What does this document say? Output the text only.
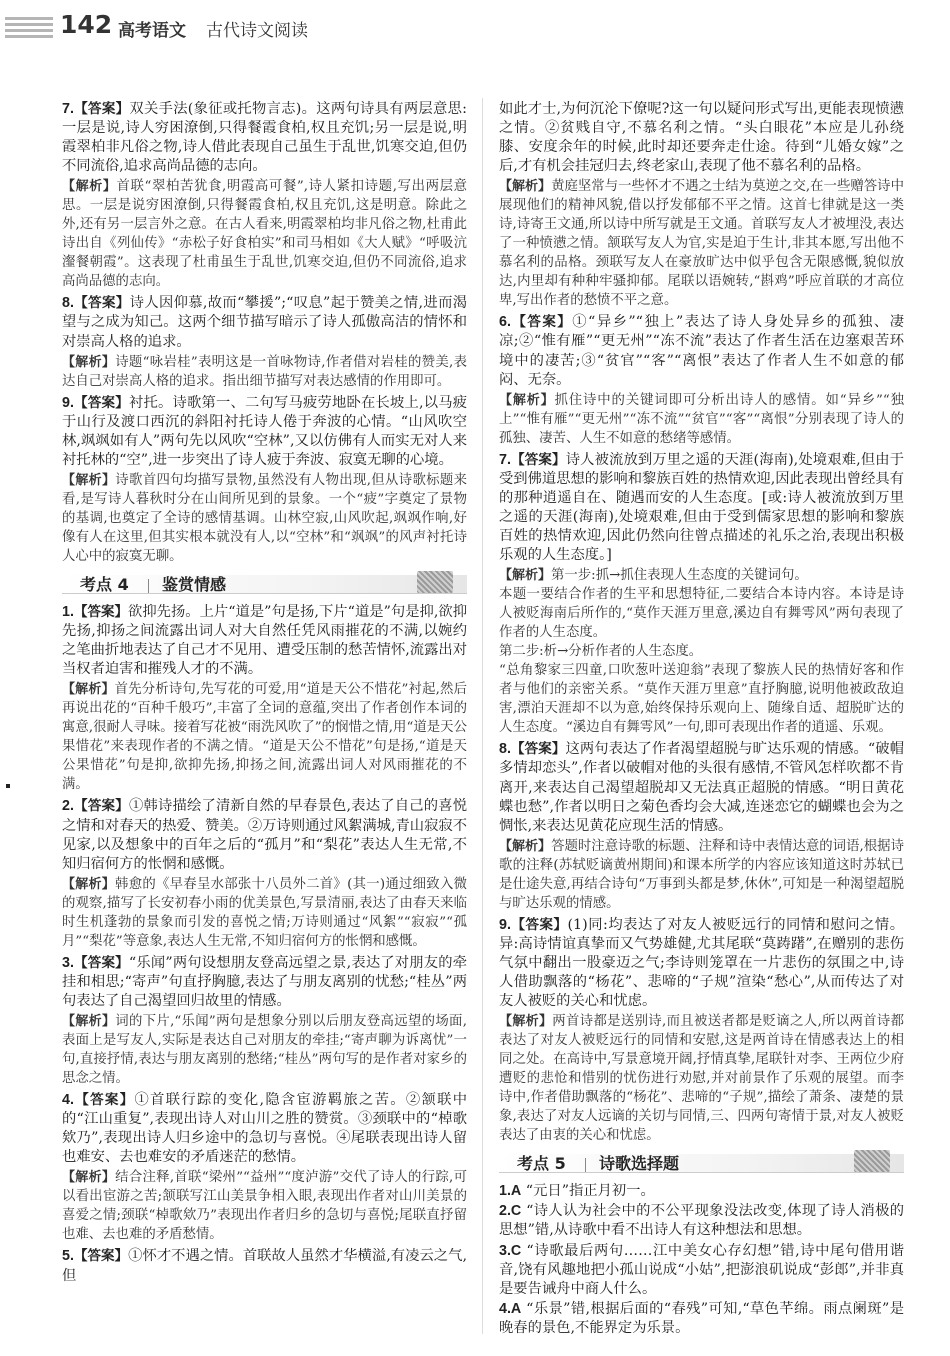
142 高考语文 古代诗文阅读

7.【答案】双关手法(象征或托物言志)。这两句诗具有两层意思:一层是说,诗人穷困潦倒,只得餐霞食柏,权且充饥;另一层是说,明霞翠柏非凡俗之物,诗人借此表现自己虽生于乱世,饥寒交迫,但仍不同流俗,追求高尚品德的志向。

【解析】首联“翠柏苦犹食,明霞高可餐”,诗人紧扣诗题,写出两层意思。一层是说穷困潦倒,只得餐霞食柏,权且充饥,这是明意。除此之外,还有另一层言外之意。在古人看来,明霞翠柏均非凡俗之物,杜甫此诗出自《列仙传》“赤松子好食柏实”和司马相如《大人赋》“呼吸沆瀣餐朝霞”。这表现了杜甫虽生于乱世,饥寒交迫,但仍不同流俗,追求高尚品德的志向。

8.【答案】诗人因仰慕,故而“攀援”;“叹息”起于赞美之情,进而渴望与之成为知己。这两个细节描写暗示了诗人孤傲高洁的情怀和对崇高人格的追求。

【解析】诗题“咏岩桂”表明这是一首咏物诗,作者借对岩桂的赞美,表达自己对崇高人格的追求。指出细节描写对表达感情的作用即可。

9.【答案】衬托。诗歌第一、二句写马疲劳地卧在长坡上,以马疲于山行及渡口西沉的斜阳衬托诗人倦于奔波的心情。“山风吹空林,飒飒如有人”两句先以风吹“空林”,又以仿佛有人而实无对人来衬托林的“空”,进一步突出了诗人疲于奔波、寂寞无聊的心境。

【解析】诗歌首四句均描写景物,虽然没有人物出现,但从诗歌标题来看,是写诗人暮秋时分在山间所见到的景象。一个“疲”字奠定了景物的基调,也奠定了全诗的感情基调。山林空寂,山风吹起,飒飒作响,好像有人在这里,但其实根本就没有人,以“空林”和“飒飒”的风声衬托诗人心中的寂寞无聊。

考点 4 鉴赏情感

1.【答案】欲抑先扬。上片“道是”句是扬,下片“道是”句是抑,欲抑先扬,抑扬之间流露出词人对大自然任凭风雨摧花的不满,以婉约之笔曲折地表达了自己才不见用、遭受压制的愁苦情怀,流露出对当权者迫害和摧残人才的不满。

【解析】首先分析诗句,先写花的可爱,用“道是天公不惜花”衬起,然后再说出花的“百种千般巧”,丰富了全词的意蕴,突出了作者创作本词的寓意,很耐人寻味。接着写花被“雨洗风吹了”的悯惜之情,用“道是天公果惜花”来表现作者的不满之情。“道是天公不惜花”句是扬,“道是天公果惜花”句是抑,欲抑先扬,抑扬之间,流露出词人对风雨摧花的不满。

2.【答案】①韩诗描绘了清新自然的早春景色,表达了自己的喜悦之情和对春天的热爱、赞美。②万诗则通过风絮满城,青山寂寂不见家,以及想象中的百年之后的“孤月”和“梨花”表达人生无常,不知归宿何方的怅惘和感慨。

【解析】韩愈的《早春呈水部张十八员外二首》(其一)通过细致入微的观察,描写了长安初春小雨的优美景色,写景清丽,表达了由春天来临时生机蓬勃的景象而引发的喜悦之情;万诗则通过“风絮”“寂寂”“孤月”“梨花”等意象,表达人生无常,不知归宿何方的怅惘和感慨。

3.【答案】“乐闻”两句设想朋友登高远望之景,表达了对朋友的牵挂和相思;“寄声”句直抒胸臆,表达了与朋友离别的忧愁;“桂丛”两句表达了自己渴望回归故里的情感。

【解析】词的下片,“乐闻”两句是想象分别以后朋友登高远望的场面,表面上是写友人,实际是表达自己对朋友的牵挂;“寄声聊为诉离忧”一句,直接抒情,表达与朋友离别的愁绪;“桂丛”两句写的是作者对家乡的思念之情。

4.【答案】①首联行踪的变化,隐含宦游羁旅之苦。②颔联中的“江山重复”,表现出诗人对山川之胜的赞赏。③颈联中的“棹歌欸乃”,表现出诗人归乡途中的急切与喜悦。④尾联表现出诗人留也难安、去也难安的矛盾迷茫的愁情。

【解析】结合注释,首联“梁州”“益州”“度泸游”交代了诗人的行踪,可以看出宦游之苦;颔联写江山美景争相入眼,表现出作者对山川美景的喜爱之情;颈联“棹歌欸乃”表现出作者归乡的急切与喜悦;尾联直抒留也难、去也难的矛盾愁情。

5.【答案】①怀才不遇之情。首联故人虽然才华横溢,有凌云之气,但

如此才士,为何沉沦下僚呢?这一句以疑问形式写出,更能表现愤懑之情。②贫贱自守,不慕名利之情。“头白眼花”本应是儿孙绕膝、安度余年的时候,此时却还要奔走仕途。待到“儿婚女嫁”之后,才有机会挂冠归去,终老家山,表现了他不慕名利的品格。

【解析】黄庭坚常与一些怀才不遇之士结为莫逆之交,在一些赠答诗中展现他们的精神风貌,借以抒发郁郁不平之情。这首七律就是这一类诗,诗寄王文通,所以诗中所写就是王文通。首联写友人才被埋没,表达了一种愤懑之情。颔联写友人为官,实是迫于生计,非其本愿,写出他不慕名利的品格。颈联写友人在豪放旷达中似乎包含无限感慨,貌似放达,内里却有种种牢骚抑郁。尾联以语婉转,“斟鸡”呼应首联的才高位卑,写出作者的愁愤不平之意。

6.【答案】①“异乡”“独上”表达了诗人身处异乡的孤独、凄凉;②“惟有雁”“更无州”“冻不流”表达了作者生活在边塞艰苦环境中的凄苦;③“贫官”“客”“离恨”表达了作者人生不如意的郁闷、无奈。

【解析】抓住诗中的关键词即可分析出诗人的感情。如“异乡”“独上”“惟有雁”“更无州”“冻不流”“贫官”“客”“离恨”分别表现了诗人的孤独、凄苦、人生不如意的愁绪等感情。

7.【答案】诗人被流放到万里之遥的天涯(海南),处境艰难,但由于受到佛道思想的影响和黎族百姓的热情欢迎,因此表现出曾经具有的那种逍遥自在、随遇而安的人生态度。[或:诗人被流放到万里之遥的天涯(海南),处境艰难,但由于受到儒家思想的影响和黎族百姓的热情欢迎,因此仍然向往曾点描述的礼乐之治,表现出积极乐观的人生态度。]

【解析】第一步:抓→抓住表现人生态度的关键词句。

本题一要结合作者的生平和思想特征,二要结合本诗内容。本诗是诗人被贬海南后所作的,“莫作天涯万里意,溪边自有舞雩风”两句表现了作者的人生态度。

第二步:析→分析作者的人生态度。

“总角黎家三四童,口吹葱叶送迎翁”表现了黎族人民的热情好客和作者与他们的亲密关系。“莫作天涯万里意”直抒胸臆,说明他被政敌迫害,漂泊天涯却不以为意,始终保持乐观向上、随缘自适、超脱旷达的人生态度。“溪边自有舞雩风”一句,即可表现出作者的逍遥、乐观。

8.【答案】这两句表达了作者渴望超脱与旷达乐观的情感。“破帽多情却恋头”,作者以破帽对他的头很有感情,不管风怎样吹都不肯离开,来表达自己渴望超脱却又无法真正超脱的情感。“明日黄花蝶也愁”,作者以明日之菊色香均会大减,连迷恋它的蝴蝶也会为之惆怅,来表达见黄花应现生活的情感。

【解析】答题时注意诗歌的标题、注释和诗中表情达意的词语,根据诗歌的注释(苏轼贬谪黄州期间)和课本所学的内容应该知道这时苏轼已是仕途失意,再结合诗句“万事到头都是梦,休休”,可知是一种渴望超脱与旷达乐观的情感。

9.【答案】(1)同:均表达了对友人被贬远行的同情和慰问之情。异:高诗情谊真挚而又气势雄健,尤其尾联“莫踌躇”,在赠别的悲伤气氛中翻出一股豪迈之气;李诗则笼罩在一片悲伤的氛围之中,诗人借助飘落的“杨花”、悲啼的“子规”渲染“愁心”,从而传达了对友人被贬的关心和忧虑。

【解析】两首诗都是送别诗,而且被送者都是贬谪之人,所以两首诗都表达了对友人被贬远行的同情和安慰,这是两首诗在情感表达上的相同之处。在高诗中,写景意境开阔,抒情真挚,尾联针对李、王两位少府遭贬的悲怆和惜别的忧伤进行劝慰,并对前景作了乐观的展望。而李诗中,作者借助飘落的“杨花”、悲啼的“子规”,描绘了萧条、凄楚的景象,表达了对友人远谪的关切与同情,三、四两句寄情于景,对友人被贬表达了由衷的关心和忧虑。

考点 5 诗歌选择题

1.A “元日”指正月初一。

2.C “诗人认为社会中的不公平现象没法改变,体现了诗人消极的思想”错,从诗歌中看不出诗人有这种想法和思想。

3.C “诗歌最后两句……江中美女心存幻想”错,诗中尾句借用谐音,饶有风趣地把小孤山说成“小姑”,把澎浪矶说成“彭郎”,并非真是要告诫舟中商人什么。

4.A “乐景”错,根据后面的“春残”可知,“草色芊绵。雨点阑斑”是晚春的景色,不能界定为乐景。
